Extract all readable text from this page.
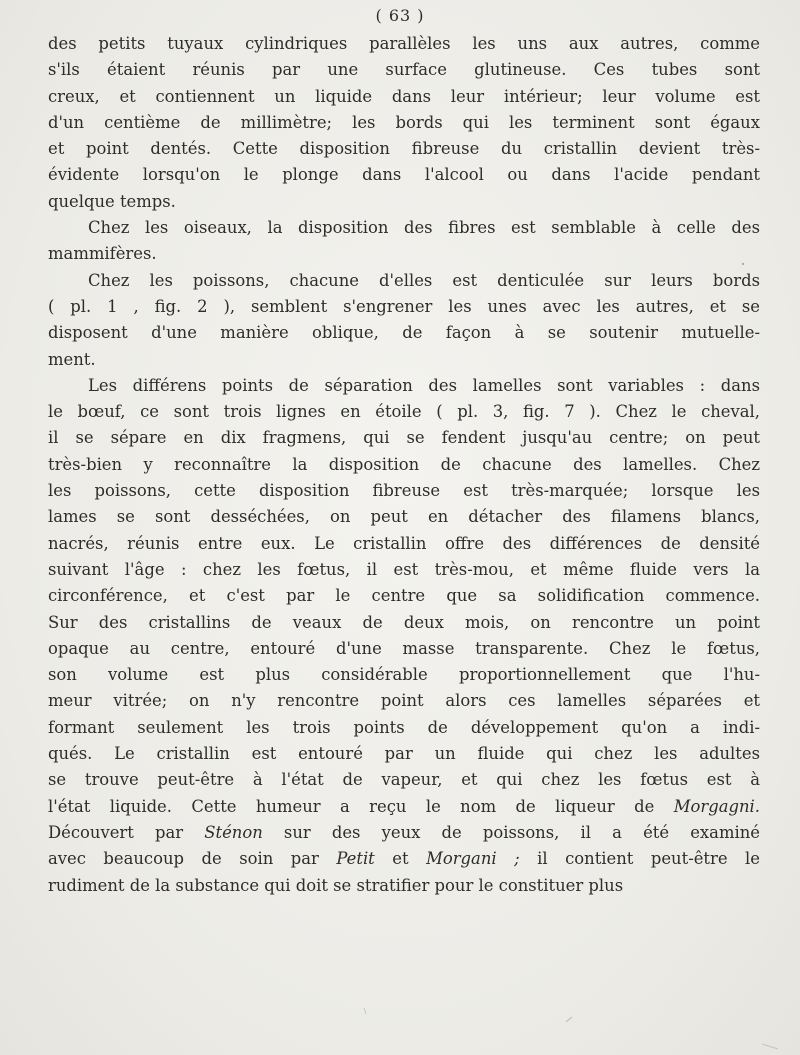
( 63 )
des petits tuyaux cylindriques parallèles les uns aux autres, comme
s'ils étaient réunis par une surface glutineuse. Ces tubes sont
creux, et contiennent un liquide dans leur intérieur; leur volume est
d'un centième de millimètre; les bords qui les terminent sont égaux
et point dentés. Cette disposition fibreuse du cristallin devient très-
évidente lorsqu'on le plonge dans l'alcool ou dans l'acide pendant
quelque temps.
Chez les oiseaux, la disposition des fibres est semblable à celle des
mammifères.
Chez les poissons, chacune d'elles est denticulée sur leurs bords
( pl. 1 , fig. 2 ), semblent s'engrener les unes avec les autres, et se
disposent d'une manière oblique, de façon à se soutenir mutuelle-
ment.
Les différens points de séparation des lamelles sont variables : dans
le bœuf, ce sont trois lignes en étoile ( pl. 3, fig. 7 ). Chez le cheval,
il se sépare en dix fragmens, qui se fendent jusqu'au centre; on peut
très-bien y reconnaître la disposition de chacune des lamelles. Chez
les poissons, cette disposition fibreuse est très-marquée; lorsque les
lames se sont desséchées, on peut en détacher des filamens blancs,
nacrés, réunis entre eux. Le cristallin offre des différences de densité
suivant l'âge : chez les fœtus, il est très-mou, et même fluide vers la
circonférence, et c'est par le centre que sa solidification commence.
Sur des cristallins de veaux de deux mois, on rencontre un point
opaque au centre, entouré d'une masse transparente. Chez le fœtus,
son volume est plus considérable proportionnellement que l'hu-
meur vitrée; on n'y rencontre point alors ces lamelles séparées et
formant seulement les trois points de développement qu'on a indi-
qués. Le cristallin est entouré par un fluide qui chez les adultes
se trouve peut-être à l'état de vapeur, et qui chez les fœtus est à
l'état liquide. Cette humeur a reçu le nom de liqueur de Morgagni.
Découvert par Sténon sur des yeux de poissons, il a été examiné
avec beaucoup de soin par Petit et Morgani ; il contient peut-être le
rudiment de la substance qui doit se stratifier pour le constituer plus
